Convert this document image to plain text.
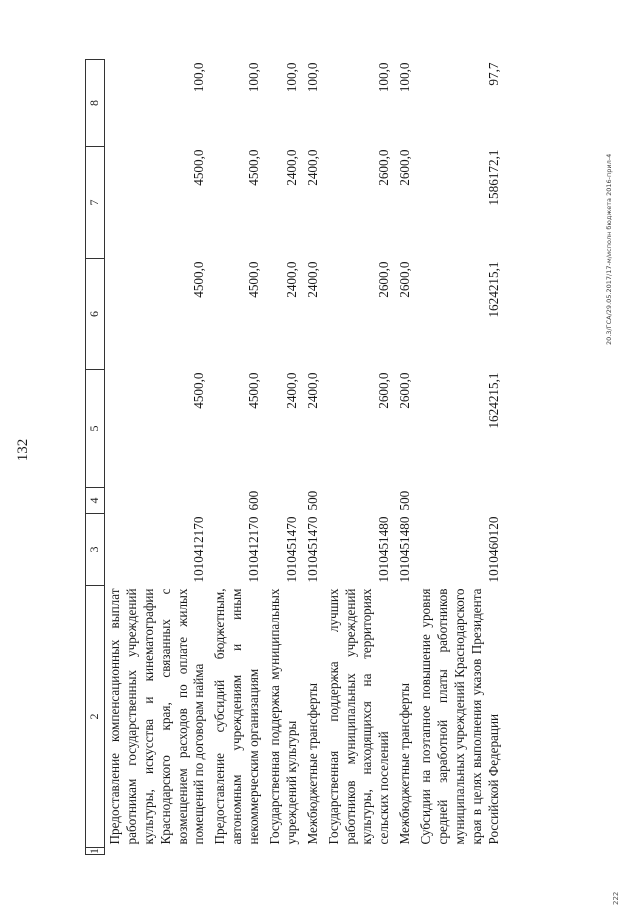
132
1	2	3	4	5	6	7	8
	Предоставление компенсационных выплат работникам государственных учреждений культуры, искусства и кинематографии Краснодарского края, связанных с возмещением расходов по оплате жилых помещений по договорам найма	1010412170		4500,0	4500,0	4500,0	100,0
	Предоставление субсидий бюджетным, автономным учреждениям и иным некоммерческим организациям	1010412170	600	4500,0	4500,0	4500,0	100,0
	Государственная поддержка муниципальных учреждений культуры	1010451470		2400,0	2400,0	2400,0	100,0
	Межбюджетные трансферты	1010451470	500	2400,0	2400,0	2400,0	100,0
	Государственная поддержка лучших работников муниципальных учреждений культуры, находящихся на территориях сельских поселений	1010451480		2600,0	2600,0	2600,0	100,0
	Межбюджетные трансферты	1010451480	500	2600,0	2600,0	2600,0	100,0
	Субсидии на поэтапное повышение уровня средней заработной платы работников муниципальных учреждений Краснодарского края в целях выполнения указов Президента Российской Федерации	1010460120		1624215,1	1624215,1	1586172,1	97,7
20.3/ГСА/29.05.2017/17-м/исполн бюджета 2016-прил-4
222
